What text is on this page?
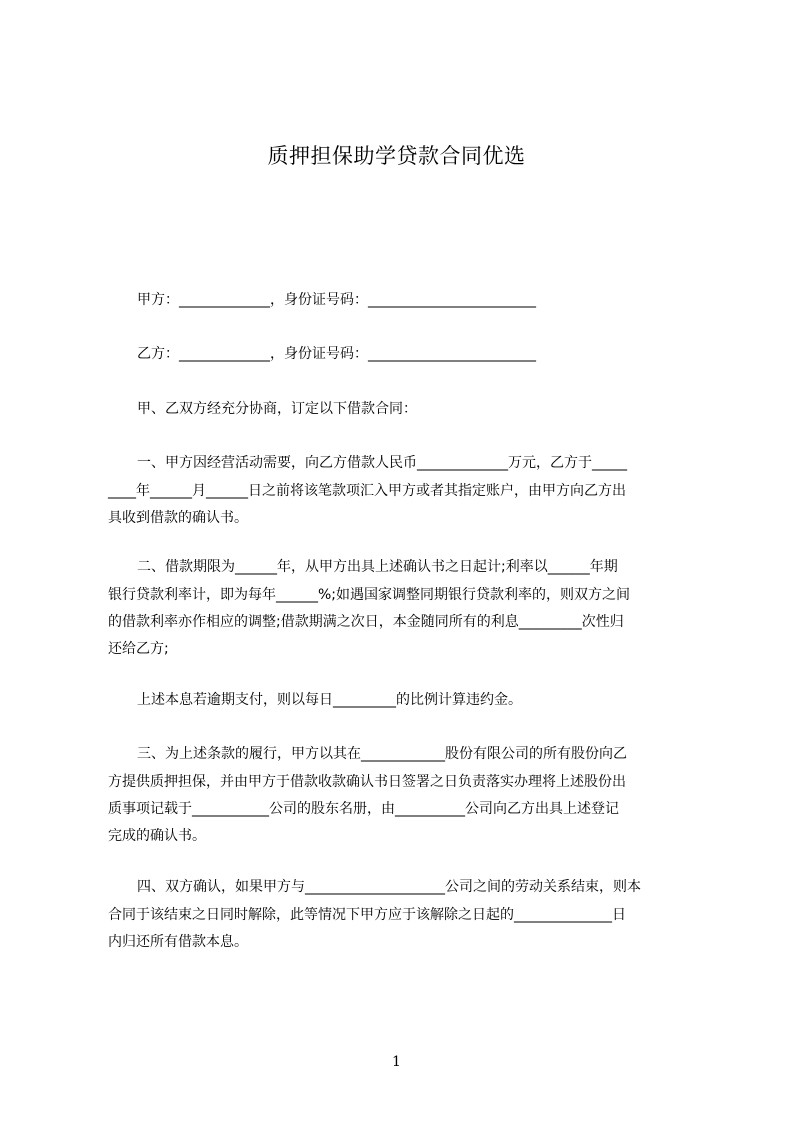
质押担保助学贷款合同优选
甲方：_____________，身份证号码：________________________
乙方：_____________，身份证号码：________________________
甲、乙双方经充分协商，订定以下借款合同：
一、甲方因经营活动需要，向乙方借款人民币_____________万元，乙方于_____
____年______月______日之前将该笔款项汇入甲方或者其指定账户，由甲方向乙方出
具收到借款的确认书。
二、借款期限为______年，从甲方出具上述确认书之日起计;利率以______年期
银行贷款利率计，即为每年______%;如遇国家调整同期银行贷款利率的，则双方之间
的借款利率亦作相应的调整;借款期满之次日，本金随同所有的利息_________次性归
还给乙方;
上述本息若逾期支付，则以每日_________的比例计算违约金。
三、为上述条款的履行，甲方以其在____________股份有限公司的所有股份向乙
方提供质押担保，并由甲方于借款收款确认书日签署之日负责落实办理将上述股份出
质事项记载于___________公司的股东名册，由__________公司向乙方出具上述登记
完成的确认书。
四、双方确认，如果甲方与____________________公司之间的劳动关系结束，则本
合同于该结束之日同时解除，此等情况下甲方应于该解除之日起的______________日
内归还所有借款本息。
1
